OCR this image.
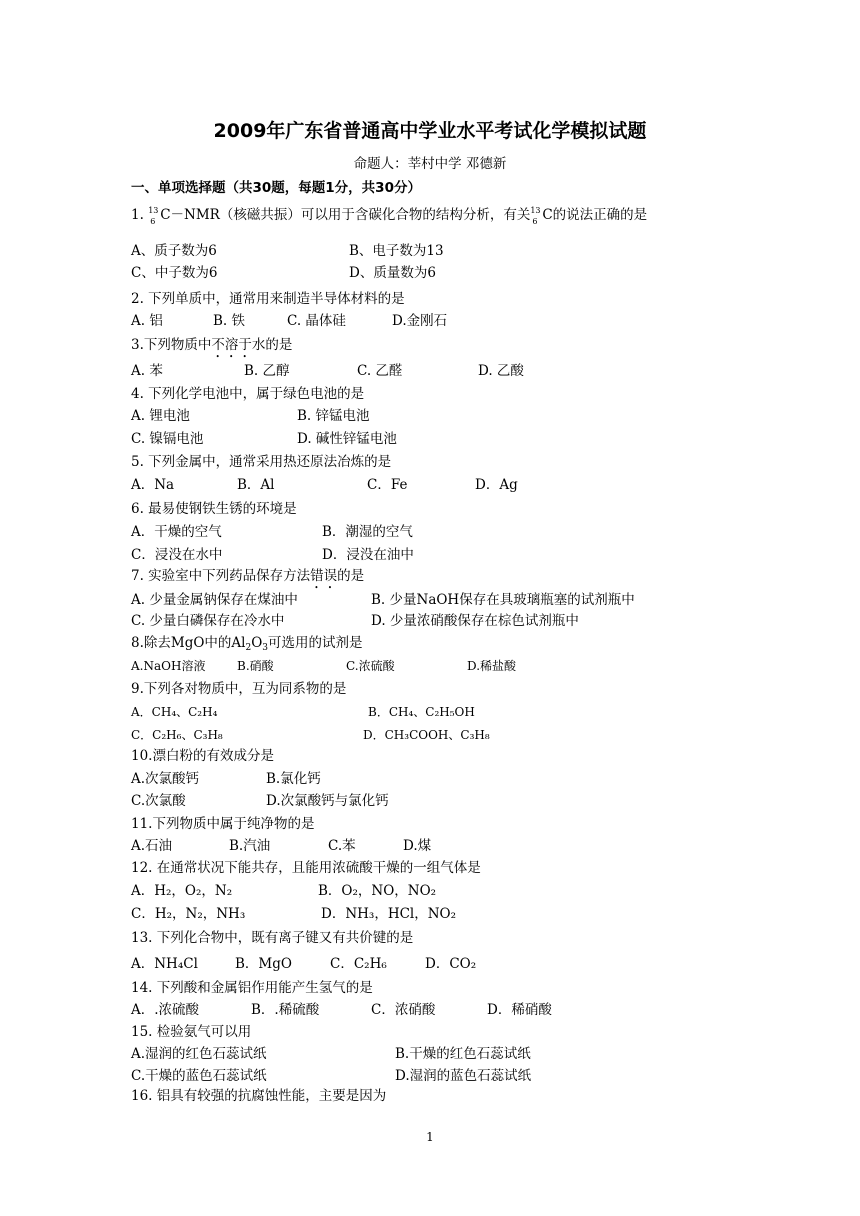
2009年广东省普通高中学业水平考试化学模拟试题
命题人：莘村中学 邓德新
一、单项选择题（共30题，每题1分，共30分）
1. 13
6 C－NMR（核磁共振）可以用于含碳化合物的结构分析，有关 13
6 C的说法正确的是
A、质子数为6	B、电子数为13
C、中子数为6	D、质量数为6
2. 下列单质中，通常用来制造半导体材料的是
A. 铝	B. 铁	C. 晶体硅	D.金刚石
3.下列物质中不溶于水的是
A. 苯	B. 乙醇	C. 乙醛	D. 乙酸
4. 下列化学电池中，属于绿色电池的是
A. 锂电池	B. 锌锰电池
C. 镍镉电池	D. 碱性锌锰电池
5. 下列金属中，通常采用热还原法冶炼的是
A．Na	B．Al	C．Fe	D．Ag
6. 最易使钢铁生锈的环境是
A．干燥的空气	B．潮湿的空气
C．浸没在水中	D．浸没在油中
7. 实验室中下列药品保存方法错误的是
A. 少量金属钠保存在煤油中	B. 少量NaOH保存在具玻璃瓶塞的试剂瓶中
C. 少量白磷保存在冷水中	D. 少量浓硝酸保存在棕色试剂瓶中
8.除去MgO中的$Al_2O_3$可选用的试剂是
A.NaOH溶液	B.硝酸	C.浓硫酸	D.稀盐酸
9.下列各对物质中，互为同系物的是
A．CH₄、C₂H₄	B．CH₄、C₂H₅OH
C．C₂H₆、C₃H₈	D．CH₃COOH、C₃H₈
10.漂白粉的有效成分是
A.次氯酸钙	B.氯化钙
C.次氯酸	D.次氯酸钙与氯化钙
11.下列物质中属于纯净物的是
A.石油	B.汽油	C.苯	D.煤
12. 在通常状况下能共存，且能用浓硫酸干燥的一组气体是
A．H₂，O₂，N₂	B．O₂，NO，NO₂
C．H₂，N₂，NH₃	D．NH₃，HCl，NO₂
13. 下列化合物中，既有离子键又有共价键的是
A．NH₄Cl	B．MgO	C．C₂H₆	D．CO₂
14. 下列酸和金属铝作用能产生氢气的是
A．.浓硫酸	B．.稀硫酸	C．浓硝酸	D．稀硝酸
15. 检验氨气可以用
A.湿润的红色石蕊试纸	B.干燥的红色石蕊试纸
C.干燥的蓝色石蕊试纸	D.湿润的蓝色石蕊试纸
16. 铝具有较强的抗腐蚀性能，主要是因为
1
